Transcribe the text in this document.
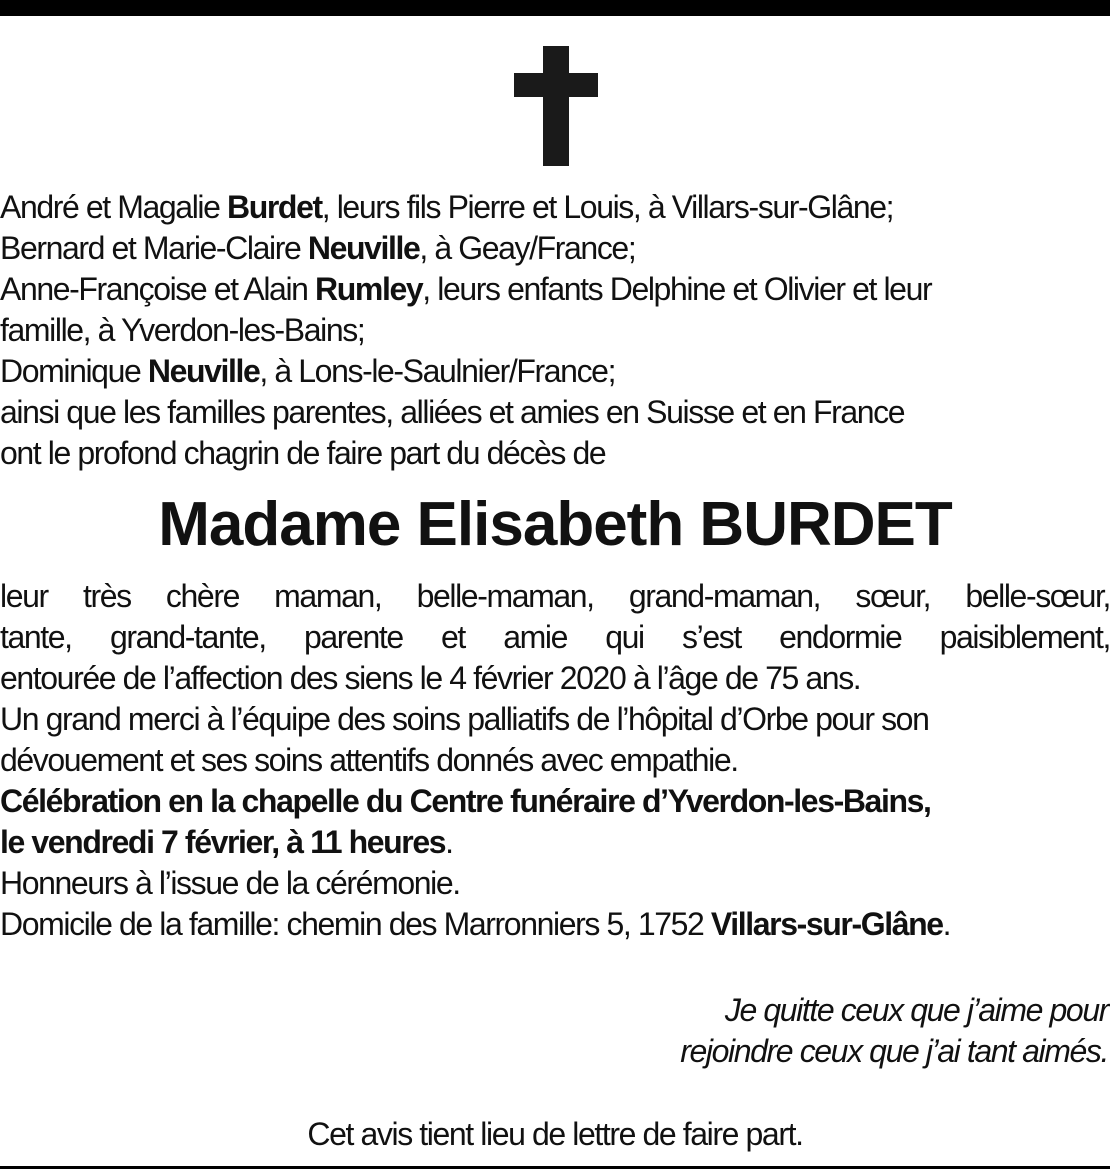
André et Magalie Burdet, leurs fils Pierre et Louis, à Villars-sur-Glâne;
Bernard et Marie-Claire Neuville, à Geay/France;
Anne-Françoise et Alain Rumley, leurs enfants Delphine et Olivier et leur
famille, à Yverdon-les-Bains;
Dominique Neuville, à Lons-le-Saulnier/France;
ainsi que les familles parentes, alliées et amies en Suisse et en France
ont le profond chagrin de faire part du décès de
Madame Elisabeth BURDET
leur très chère maman, belle-maman, grand-maman, sœur, belle-sœur,
tante, grand-tante, parente et amie qui s’est endormie paisiblement,
entourée de l’affection des siens le 4 février 2020 à l’âge de 75 ans.
Un grand merci à l’équipe des soins palliatifs de l’hôpital d’Orbe pour son
dévouement et ses soins attentifs donnés avec empathie.
Célébration en la chapelle du Centre funéraire d’Yverdon-les-Bains,
le vendredi 7 février, à 11 heures.
Honneurs à l’issue de la cérémonie.
Domicile de la famille: chemin des Marronniers 5, 1752 Villars-sur-Glâne.
Je quitte ceux que j’aime pour
rejoindre ceux que j’ai tant aimés.
Cet avis tient lieu de lettre de faire part.
